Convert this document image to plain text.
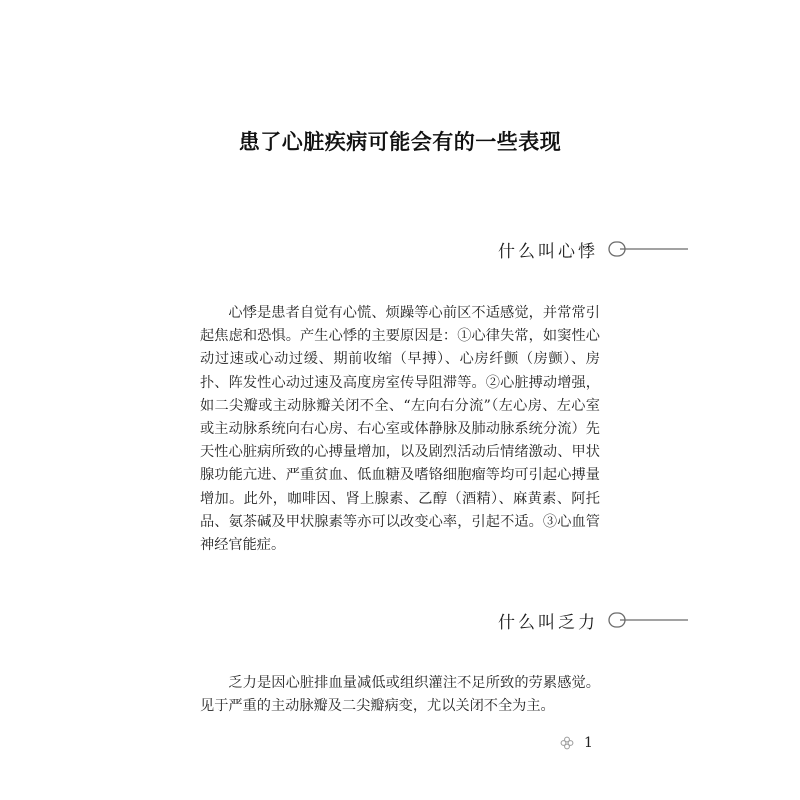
患了心脏疾病可能会有的一些表现
什么叫心悸

心悸是患者自觉有心慌、烦躁等心前区不适感觉，并常常引起焦虑和恐惧。产生心悸的主要原因是：①心律失常，如窦性心动过速或心动过缓、期前收缩（早搏）、心房纤颤（房颤）、房扑、阵发性心动过速及高度房室传导阻滞等。②心脏搏动增强，如二尖瓣或主动脉瓣关闭不全、“左向右分流”（左心房、左心室或主动脉系统向右心房、右心室或体静脉及肺动脉系统分流）先天性心脏病所致的心搏量增加，以及剧烈活动后情绪激动、甲状腺功能亢进、严重贫血、低血糖及嗜铬细胞瘤等均可引起心搏量增加。此外，咖啡因、肾上腺素、乙醇（酒精）、麻黄素、阿托品、氨茶碱及甲状腺素等亦可以改变心率，引起不适。③心血管神经官能症。

什么叫乏力

乏力是因心脏排血量减低或组织灌注不足所致的劳累感觉。见于严重的主动脉瓣及二尖瓣病变，尤以关闭不全为主。

1
